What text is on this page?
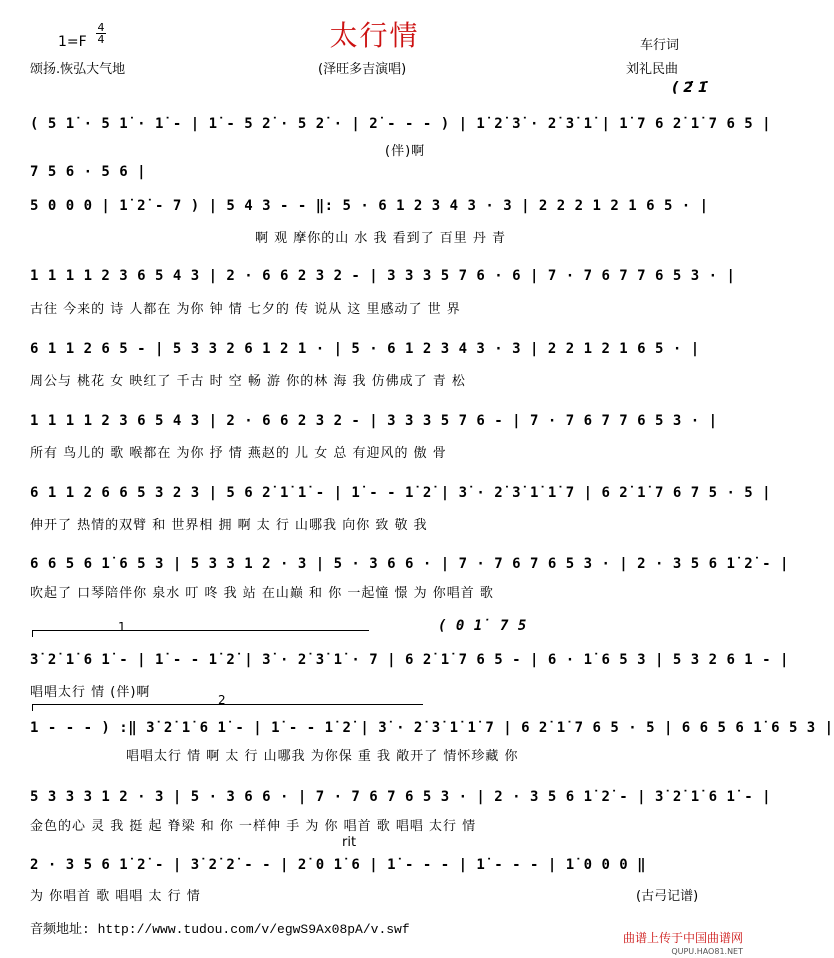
太行情
1=F
4
4
颂扬.恢弘大气地	(泽旺多吉演唱)
车行词
刘礼民曲
( 2̇ 1̇
( 5 1̇ · 5 1̇ · 1̇ - | 1̇ - 5 2̇ · 5 2̇ · | 2̇ - - - ) | 1̇ 2̇ 3̇ · 2̇ 3̇ 1̇ | 1̇ 7 6 2̇ 1̇ 7 6 5 |
(伴)啊
7 5 6 · 5 6 |
5 0 0 0 | 1̇ 2̇ - 7 ) | 5 4 3 - - ‖: 5 · 6 1 2 3 4 3 · 3 | 2 2 2 1 2 1 6 5 · |
啊 观 摩你的山 水 我 看到了 百里 丹 青
1 1 1 1 2 3 6 5 4 3 | 2 · 6 6 2 3 2 - | 3 3 3 5 7 6 · 6 | 7 · 7 6 7 7 6 5 3 · |
古往 今来的 诗 人都在 为你 钟 情 七夕的 传 说从 这 里感动了 世 界
6 1 1 2 6 5 - | 5 3 3 2 6 1 2 1 · | 5 · 6 1 2 3 4 3 · 3 | 2 2 1 2 1 6 5 · |
周公与 桃花 女 映红了 千古 时 空 畅 游 你的林 海 我 仿佛成了 青 松
1 1 1 1 2 3 6 5 4 3 | 2 · 6 6 2 3 2 - | 3 3 3 5 7 6 - | 7 · 7 6 7 7 6 5 3 · |
所有 鸟儿的 歌 喉都在 为你 抒 情 燕赵的 儿 女 总 有迎风的 傲 骨
6 1 1 2 6 6 5 3 2 3 | 5 6 2̇ 1̇ 1̇ - | 1̇ - - 1̇ 2̇ | 3̇ · 2̇ 3̇ 1̇ 1̇ 7 | 6 2̇ 1̇ 7 6 7 5 · 5 |
伸开了 热情的双臂 和 世界相 拥 啊 太 行 山哪我 向你 致 敬 我
6 6 5 6 1̇ 6 5 3 | 5 3 3 1 2 · 3 | 5 · 3 6 6 · | 7 · 7 6 7 6 5 3 · | 2 · 3 5 6 1̇ 2̇ - |
吹起了 口琴陪伴你 泉水 叮 咚 我 站 在山巅 和 你 一起憧 憬 为 你唱首 歌
1	( 0 1̇ 7 5
3̇ 2̇ 1̇ 6 1̇ - | 1̇ - - 1̇ 2̇ | 3̇ · 2̇ 3̇ 1̇ · 7 | 6 2̇ 1̇ 7 6 5 - | 6 · 1̇ 6 5 3 | 5 3 2 6 1 - |
唱唱太行 情 (伴)啊	2
1 - - - ) :‖ 3̇ 2̇ 1̇ 6 1̇ - | 1̇ - - 1̇ 2̇ | 3̇ · 2̇ 3̇ 1̇ 1̇ 7 | 6 2̇ 1̇ 7 6 5 · 5 | 6 6 5 6 1̇ 6 5 3 |
唱唱太行 情 啊 太 行 山哪我 为你保 重 我 敞开了 情怀珍藏 你
5 3 3 3 1 2 · 3 | 5 · 3 6 6 · | 7 · 7 6 7 6 5 3 · | 2 · 3 5 6 1̇ 2̇ - | 3̇ 2̇ 1̇ 6 1̇ - |
金色的心 灵 我 挺 起 脊梁 和 你 一样伸 手 为 你 唱首 歌 唱唱 太行 情
rit
2 · 3 5 6 1̇ 2̇ - | 3̇ 2̇ 2̇ - - | 2̇ 0 1̇ 6 | 1̇ - - - | 1̇ - - - | 1̇ 0 0 0 ‖
为 你唱首 歌 唱唱 太 行 情	(古弓记谱)
音频地址: http://www.tudou.com/v/egwS9Ax08pA/v.swf
曲谱上传于中国曲谱网
QUPU.HAO81.NET
